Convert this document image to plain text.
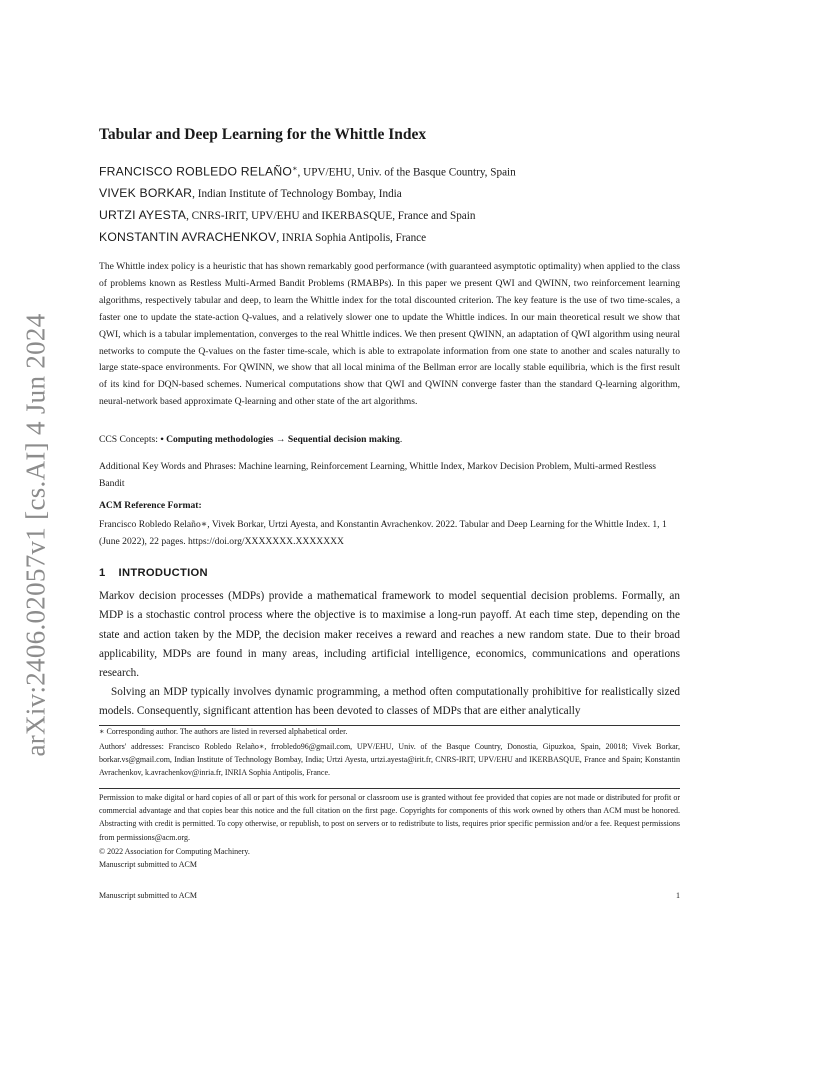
arXiv:2406.02057v1 [cs.AI] 4 Jun 2024
Tabular and Deep Learning for the Whittle Index
FRANCISCO ROBLEDO RELAÑO∗, UPV/EHU, Univ. of the Basque Country, Spain
VIVEK BORKAR, Indian Institute of Technology Bombay, India
URTZI AYESTA, CNRS-IRIT, UPV/EHU and IKERBASQUE, France and Spain
KONSTANTIN AVRACHENKOV, INRIA Sophia Antipolis, France

The Whittle index policy is a heuristic that has shown remarkably good performance (with guaranteed asymptotic optimality) when applied to the class of problems known as Restless Multi-Armed Bandit Problems (RMABPs). In this paper we present QWI and QWINN, two reinforcement learning algorithms, respectively tabular and deep, to learn the Whittle index for the total discounted criterion. The key feature is the use of two time-scales, a faster one to update the state-action Q-values, and a relatively slower one to update the Whittle indices. In our main theoretical result we show that QWI, which is a tabular implementation, converges to the real Whittle indices. We then present QWINN, an adaptation of QWI algorithm using neural networks to compute the Q-values on the faster time-scale, which is able to extrapolate information from one state to another and scales naturally to large state-space environments. For QWINN, we show that all local minima of the Bellman error are locally stable equilibria, which is the first result of its kind for DQN-based schemes. Numerical computations show that QWI and QWINN converge faster than the standard Q-learning algorithm, neural-network based approximate Q-learning and other state of the art algorithms.

CCS Concepts: • Computing methodologies → Sequential decision making.

Additional Key Words and Phrases: Machine learning, Reinforcement Learning, Whittle Index, Markov Decision Problem, Multi-armed Restless Bandit

ACM Reference Format:

Francisco Robledo Relaño∗, Vivek Borkar, Urtzi Ayesta, and Konstantin Avrachenkov. 2022. Tabular and Deep Learning for the Whittle Index. 1, 1 (June 2022), 22 pages. https://doi.org/XXXXXXX.XXXXXXX

1 INTRODUCTION

Markov decision processes (MDPs) provide a mathematical framework to model sequential decision problems. Formally, an MDP is a stochastic control process where the objective is to maximise a long-run payoff. At each time step, depending on the state and action taken by the MDP, the decision maker receives a reward and reaches a new random state. Due to their broad applicability, MDPs are found in many areas, including artificial intelligence, economics, communications and operations research.

Solving an MDP typically involves dynamic programming, a method often computationally prohibitive for realistically sized models. Consequently, significant attention has been devoted to classes of MDPs that are either analytically

∗ Corresponding author. The authors are listed in reversed alphabetical order.

Authors' addresses: Francisco Robledo Relaño∗, frrobledo96@gmail.com, UPV/EHU, Univ. of the Basque Country, Donostia, Gipuzkoa, Spain, 20018; Vivek Borkar, borkar.vs@gmail.com, Indian Institute of Technology Bombay, India; Urtzi Ayesta, urtzi.ayesta@irit.fr, CNRS-IRIT, UPV/EHU and IKERBASQUE, France and Spain; Konstantin Avrachenkov, k.avrachenkov@inria.fr, INRIA Sophia Antipolis, France.

Permission to make digital or hard copies of all or part of this work for personal or classroom use is granted without fee provided that copies are not made or distributed for profit or commercial advantage and that copies bear this notice and the full citation on the first page. Copyrights for components of this work owned by others than ACM must be honored. Abstracting with credit is permitted. To copy otherwise, or republish, to post on servers or to redistribute to lists, requires prior specific permission and/or a fee. Request permissions from permissions@acm.org.

© 2022 Association for Computing Machinery.
Manuscript submitted to ACM
Manuscript submitted to ACM	1
